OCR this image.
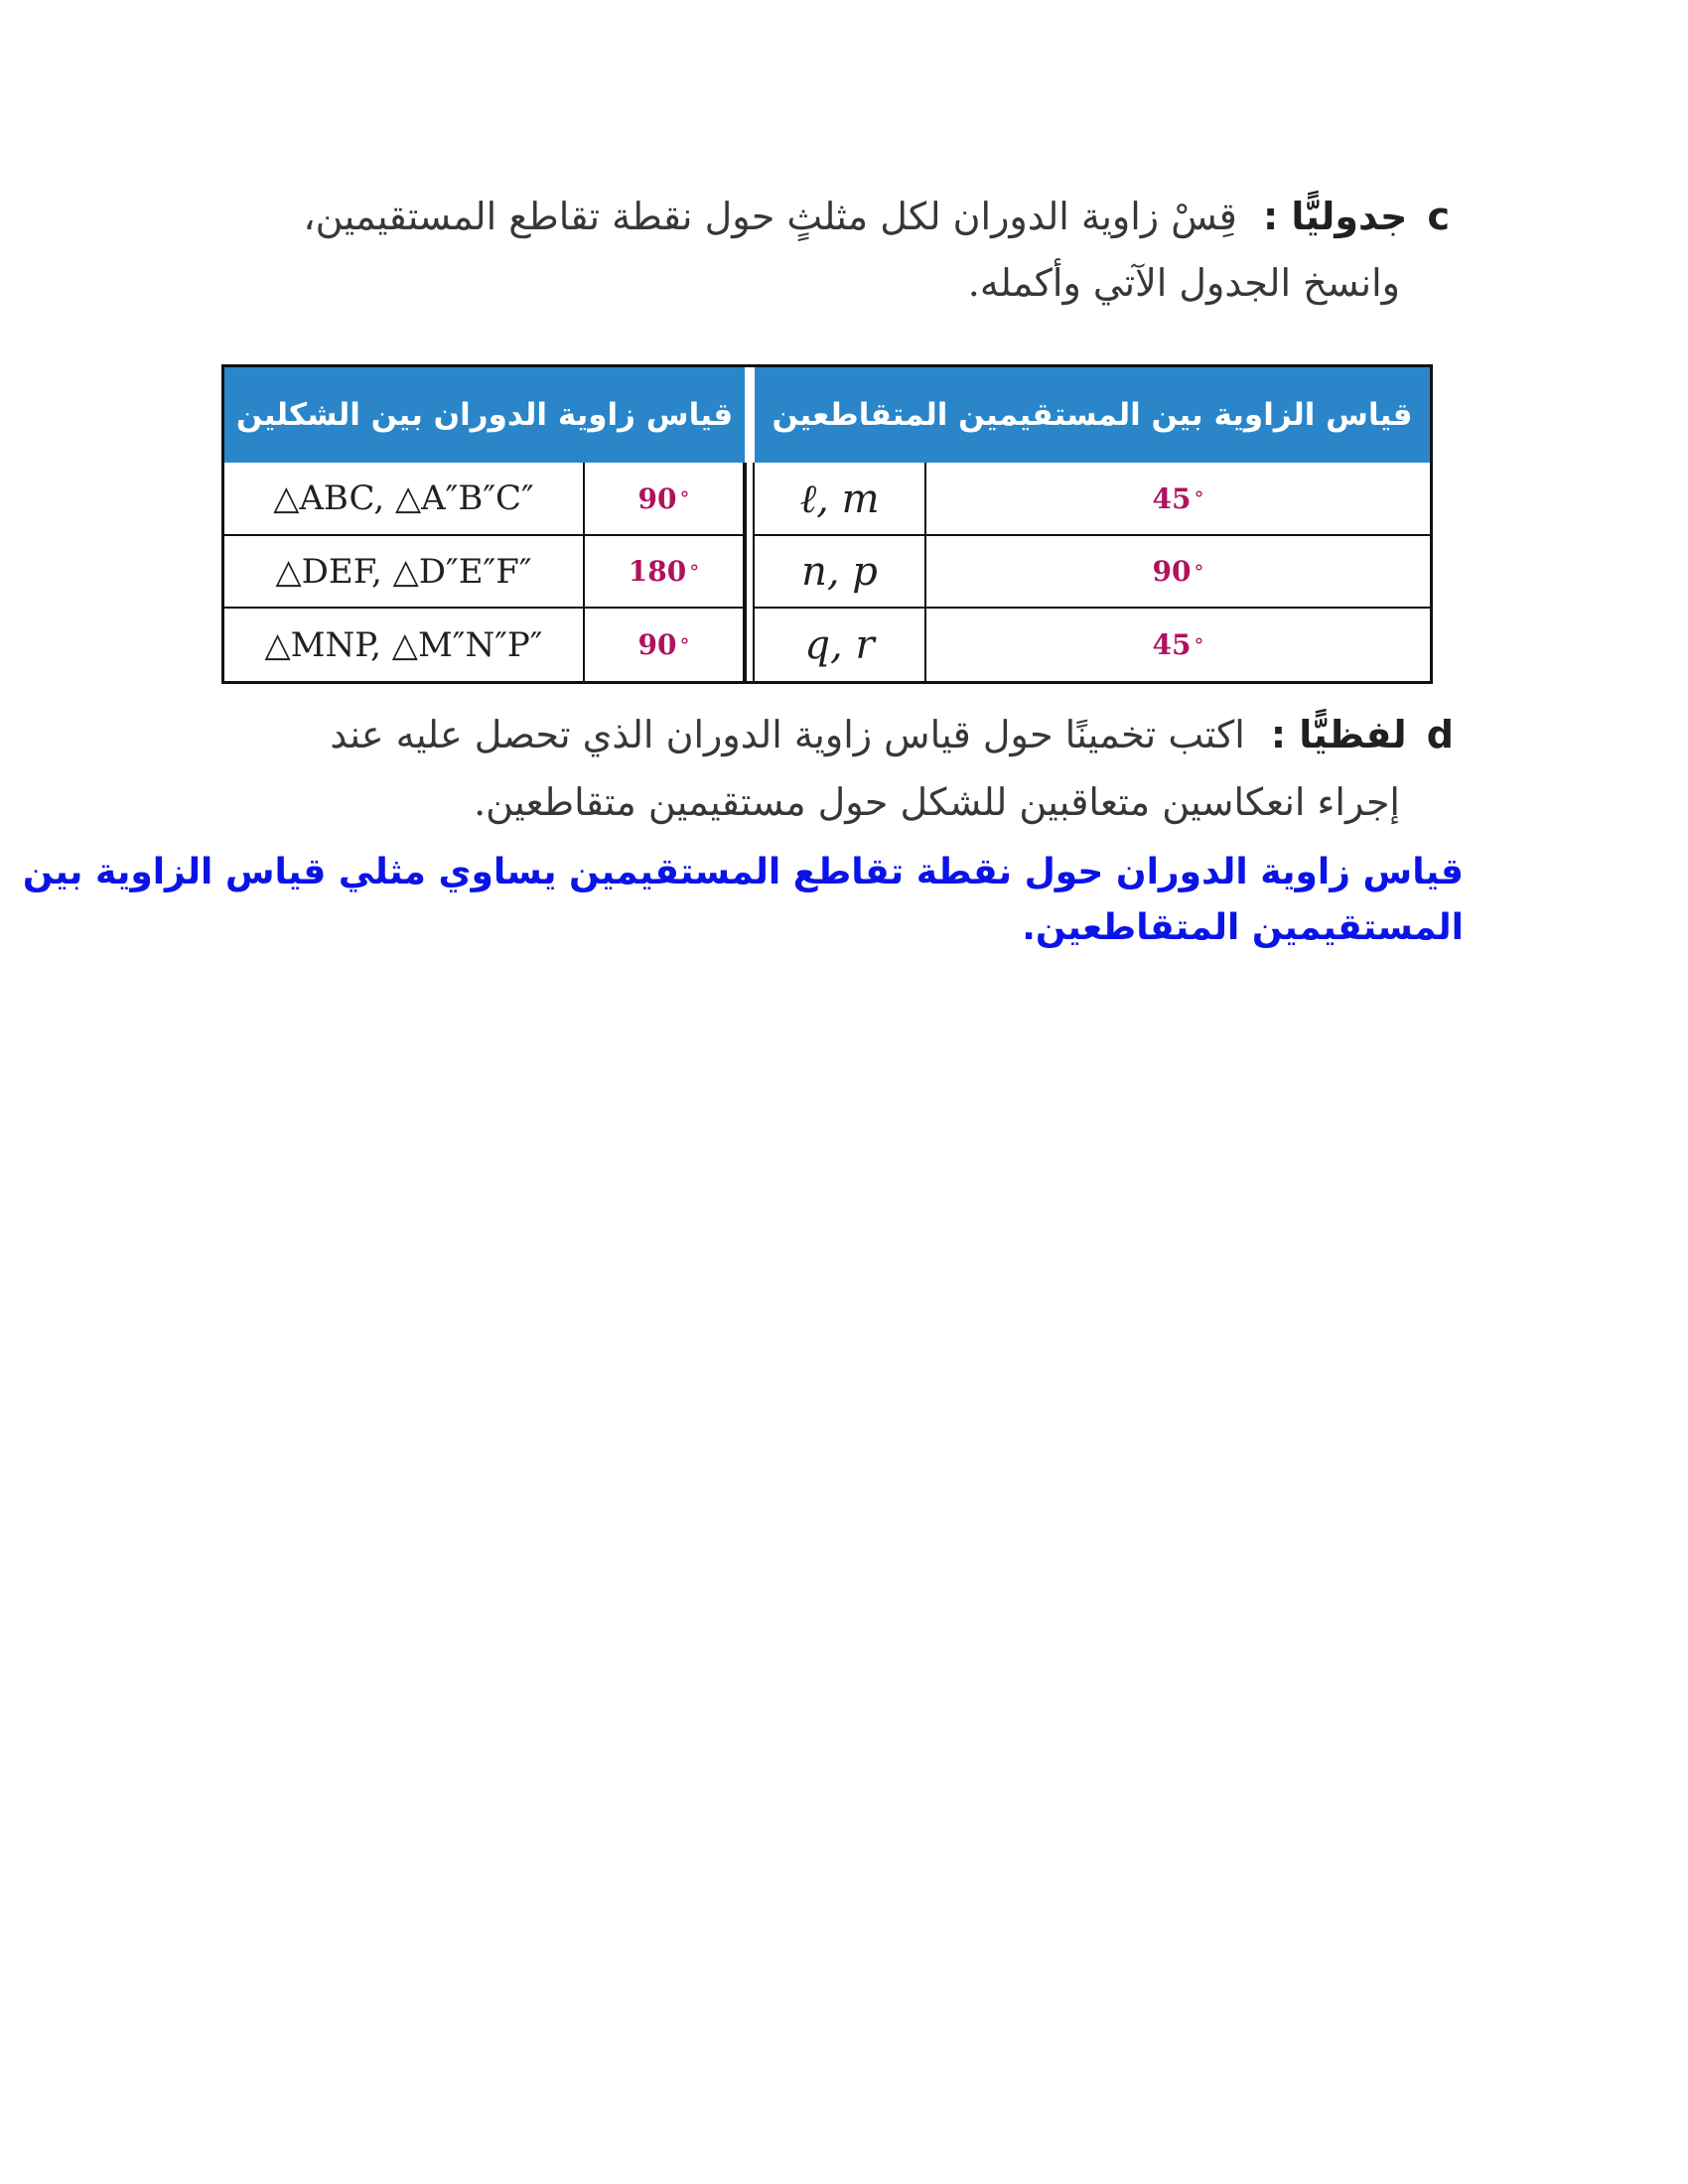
c جدوليًّا : قِسْ زاوية الدوران لكل مثلثٍ حول نقطة تقاطع المستقيمين،
وانسخ الجدول الآتي وأكمله.
قياس الزاوية بين المستقيمين المتقاطعين
قياس زاوية الدوران بين الشكلين
△ABC, △A″B″C″	90 °	ℓ, m	45 °
△DEF, △D″E″F″	180 °	n, p	90 °
△MNP, △M″N″P″	90 °	q, r	45 °
d لفظيًّا : اكتب تخمينًا حول قياس زاوية الدوران الذي تحصل عليه عند
إجراء انعكاسين متعاقبين للشكل حول مستقيمين متقاطعين.
قياس زاوية الدوران حول نقطة تقاطع المستقيمين يساوي مثلي قياس الزاوية بين
المستقيمين المتقاطعين.
